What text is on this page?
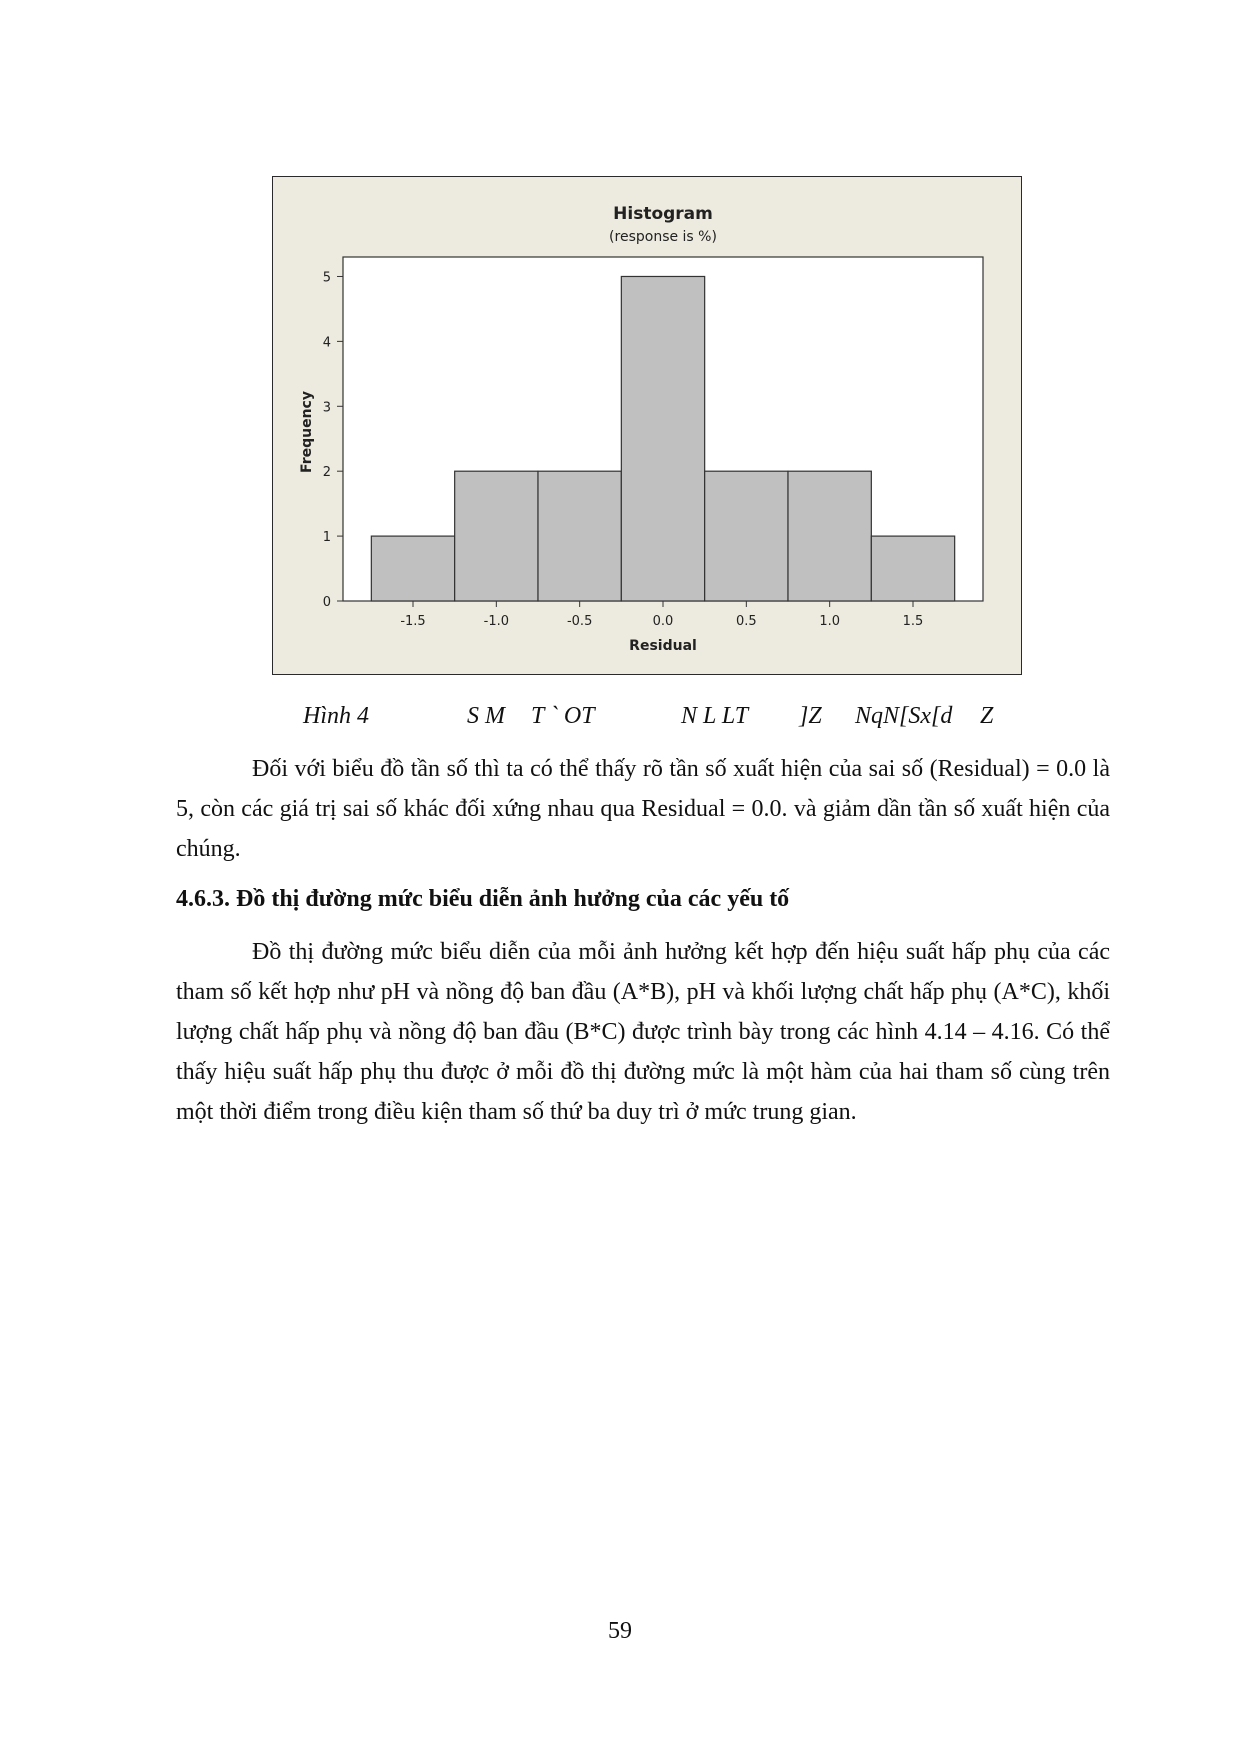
Histogram
(response is %)
0
1
2
3
4
5
-1.5	-1.0	-0.5	0.0	0.5	1.0	1.5
Residual
Frequency
Hình 4	S M T ` OT	N L LT ]Z NqN[Sx[d Z

Đối với biểu đồ tần số thì ta có thể thấy rõ tần số xuất hiện của sai số (Residual) = 0.0 là 5, còn các giá trị sai số khác đối xứng nhau qua Residual = 0.0. và giảm dần tần số xuất hiện của chúng.

4.6.3. Đồ thị đường mức biểu diễn ảnh hưởng của các yếu tố

Đồ thị đường mức biểu diễn của mỗi ảnh hưởng kết hợp đến hiệu suất hấp phụ của các tham số kết hợp như pH và nồng độ ban đầu (A*B), pH và khối lượng chất hấp phụ (A*C), khối lượng chất hấp phụ và nồng độ ban đầu (B*C) được trình bày trong các hình 4.14 – 4.16. Có thể thấy hiệu suất hấp phụ thu được ở mỗi đồ thị đường mức là một hàm của hai tham số cùng trên một thời điểm trong điều kiện tham số thứ ba duy trì ở mức trung gian.

59
